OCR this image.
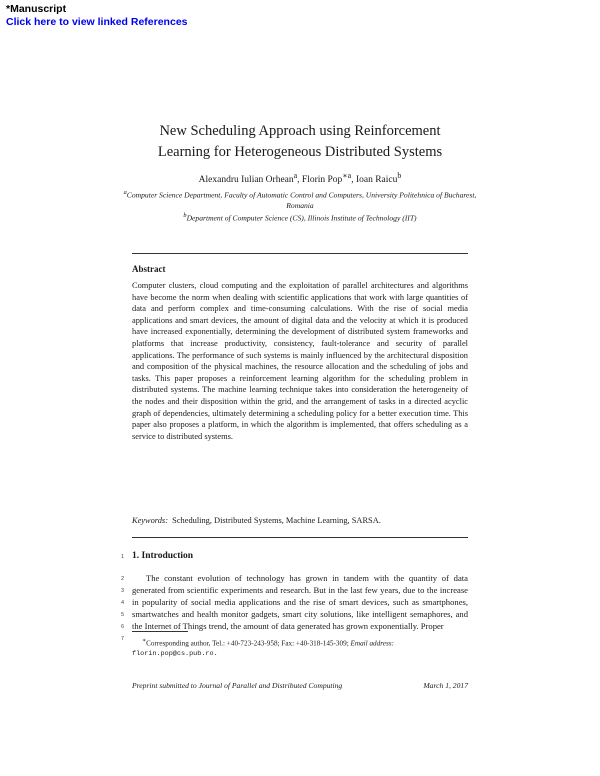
*Manuscript
Click here to view linked References
New Scheduling Approach using Reinforcement
Learning for Heterogeneous Distributed Systems
Alexandru Iulian Orhean$^a$, Florin Pop$^{∗a}$, Ioan Raicu$^b$

$^a$Computer Science Department, Faculty of Automatic Control and Computers, University Politehnica of Bucharest, Romania

$^b$Department of Computer Science (CS), Illinois Institute of Technology (IIT)

Abstract

Computer clusters, cloud computing and the exploitation of parallel architectures and algorithms have become the norm when dealing with scientific applications that work with large quantities of data and perform complex and time-consuming calculations. With the rise of social media applications and smart devices, the amount of digital data and the velocity at which it is produced have increased exponentially, determining the development of distributed system frameworks and platforms that increase productivity, consistency, fault-tolerance and security of parallel applications. The performance of such systems is mainly influenced by the architectural disposition and composition of the physical machines, the resource allocation and the scheduling of jobs and tasks. This paper proposes a reinforcement learning algorithm for the scheduling problem in distributed systems. The machine learning technique takes into consideration the heterogeneity of the nodes and their disposition within the grid, and the arrangement of tasks in a directed acyclic graph of dependencies, ultimately determining a scheduling policy for a better execution time. This paper also proposes a platform, in which the algorithm is implemented, that offers scheduling as a service to distributed systems.

Keywords: Scheduling, Distributed Systems, Machine Learning, SARSA.

1 1. Introduction
2
3
4
5
6
7

The constant evolution of technology has grown in tandem with the quantity of data generated from scientific experiments and research. But in the last few years, due to the increase in popularity of social media applications and the rise of smart devices, such as smartphones, smartwatches and health monitor gadgets, smart city solutions, like intelligent semaphores, and the Internet of Things trend, the amount of data generated has grown exponentially. Proper

∗Corresponding author, Tel.: +40-723-243-958; Fax: +40-318-145-309; Email address: florin.pop@cs.pub.ro.

Preprint submitted to Journal of Parallel and Distributed Computing	March 1, 2017
